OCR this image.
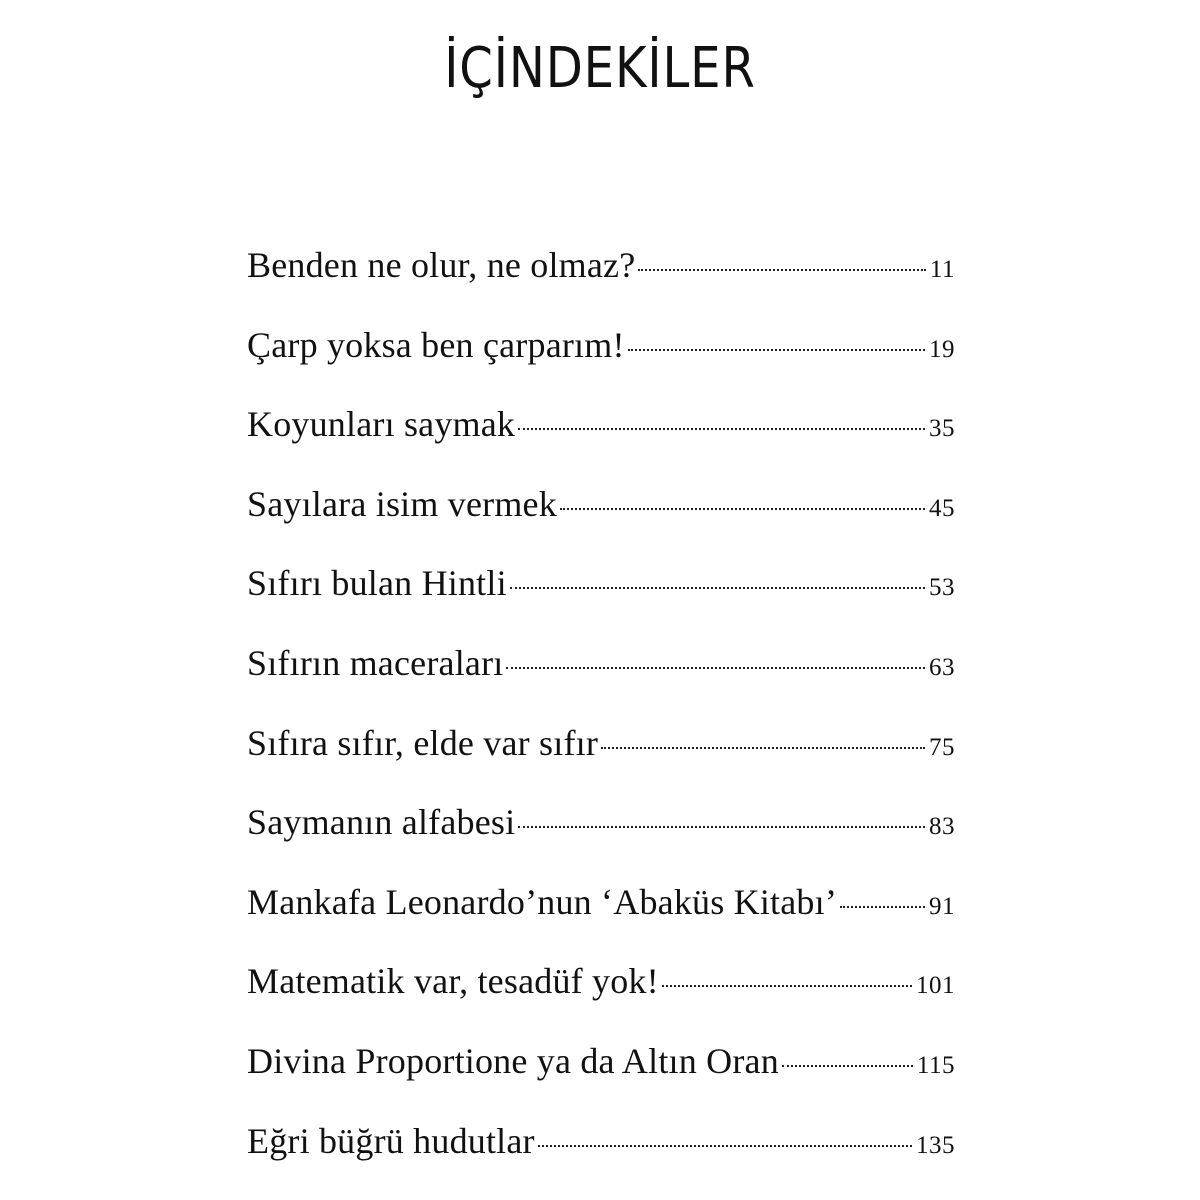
İÇİNDEKİLER
Benden ne olur, ne olmaz?	11
Çarp yoksa ben çarparım!	19
Koyunları saymak	35
Sayılara isim vermek	45
Sıfırı bulan Hintli	53
Sıfırın maceraları	63
Sıfıra sıfır, elde var sıfır	75
Saymanın alfabesi	83
Mankafa Leonardo’nun ‘Abaküs Kitabı’	91
Matematik var, tesadüf yok!	101
Divina Proportione ya da Altın Oran	115
Eğri büğrü hudutlar	135
